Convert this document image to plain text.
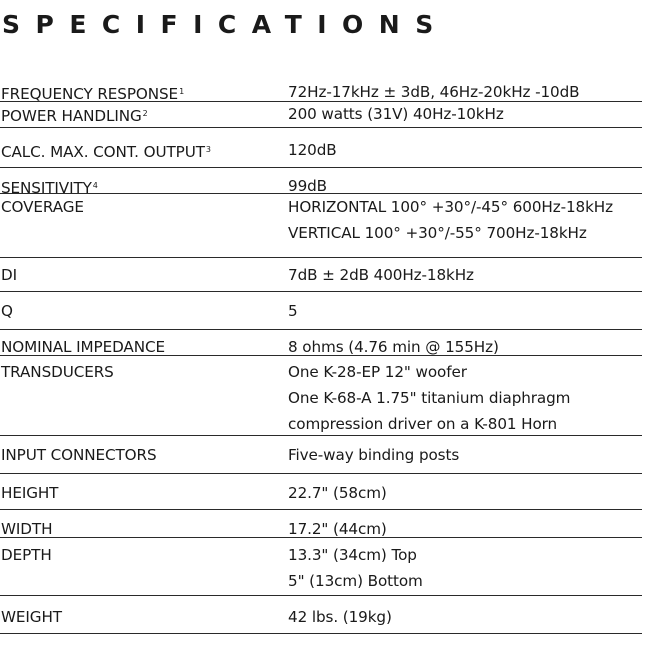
SPECIFICATIONS
FREQUENCY RESPONSE$^1$	72Hz-17kHz ± 3dB, 46Hz-20kHz -10dB
POWER HANDLING$^2$	200 watts (31V) 40Hz-10kHz
CALC. MAX. CONT. OUTPUT$^3$	120dB
SENSITIVITY$^4$	99dB
COVERAGE	HORIZONTAL 100° +30°/-45° 600Hz-18kHz
VERTICAL 100° +30°/-55° 700Hz-18kHz
DI	7dB ± 2dB 400Hz-18kHz
Q	5
NOMINAL IMPEDANCE	8 ohms (4.76 min @ 155Hz)
TRANSDUCERS	One K-28-EP 12" woofer
One K-68-A 1.75" titanium diaphragm
compression driver on a K-801 Horn
INPUT CONNECTORS	Five-way binding posts
HEIGHT	22.7" (58cm)
WIDTH	17.2" (44cm)
DEPTH	13.3" (34cm) Top
5" (13cm) Bottom
WEIGHT	42 lbs. (19kg)
